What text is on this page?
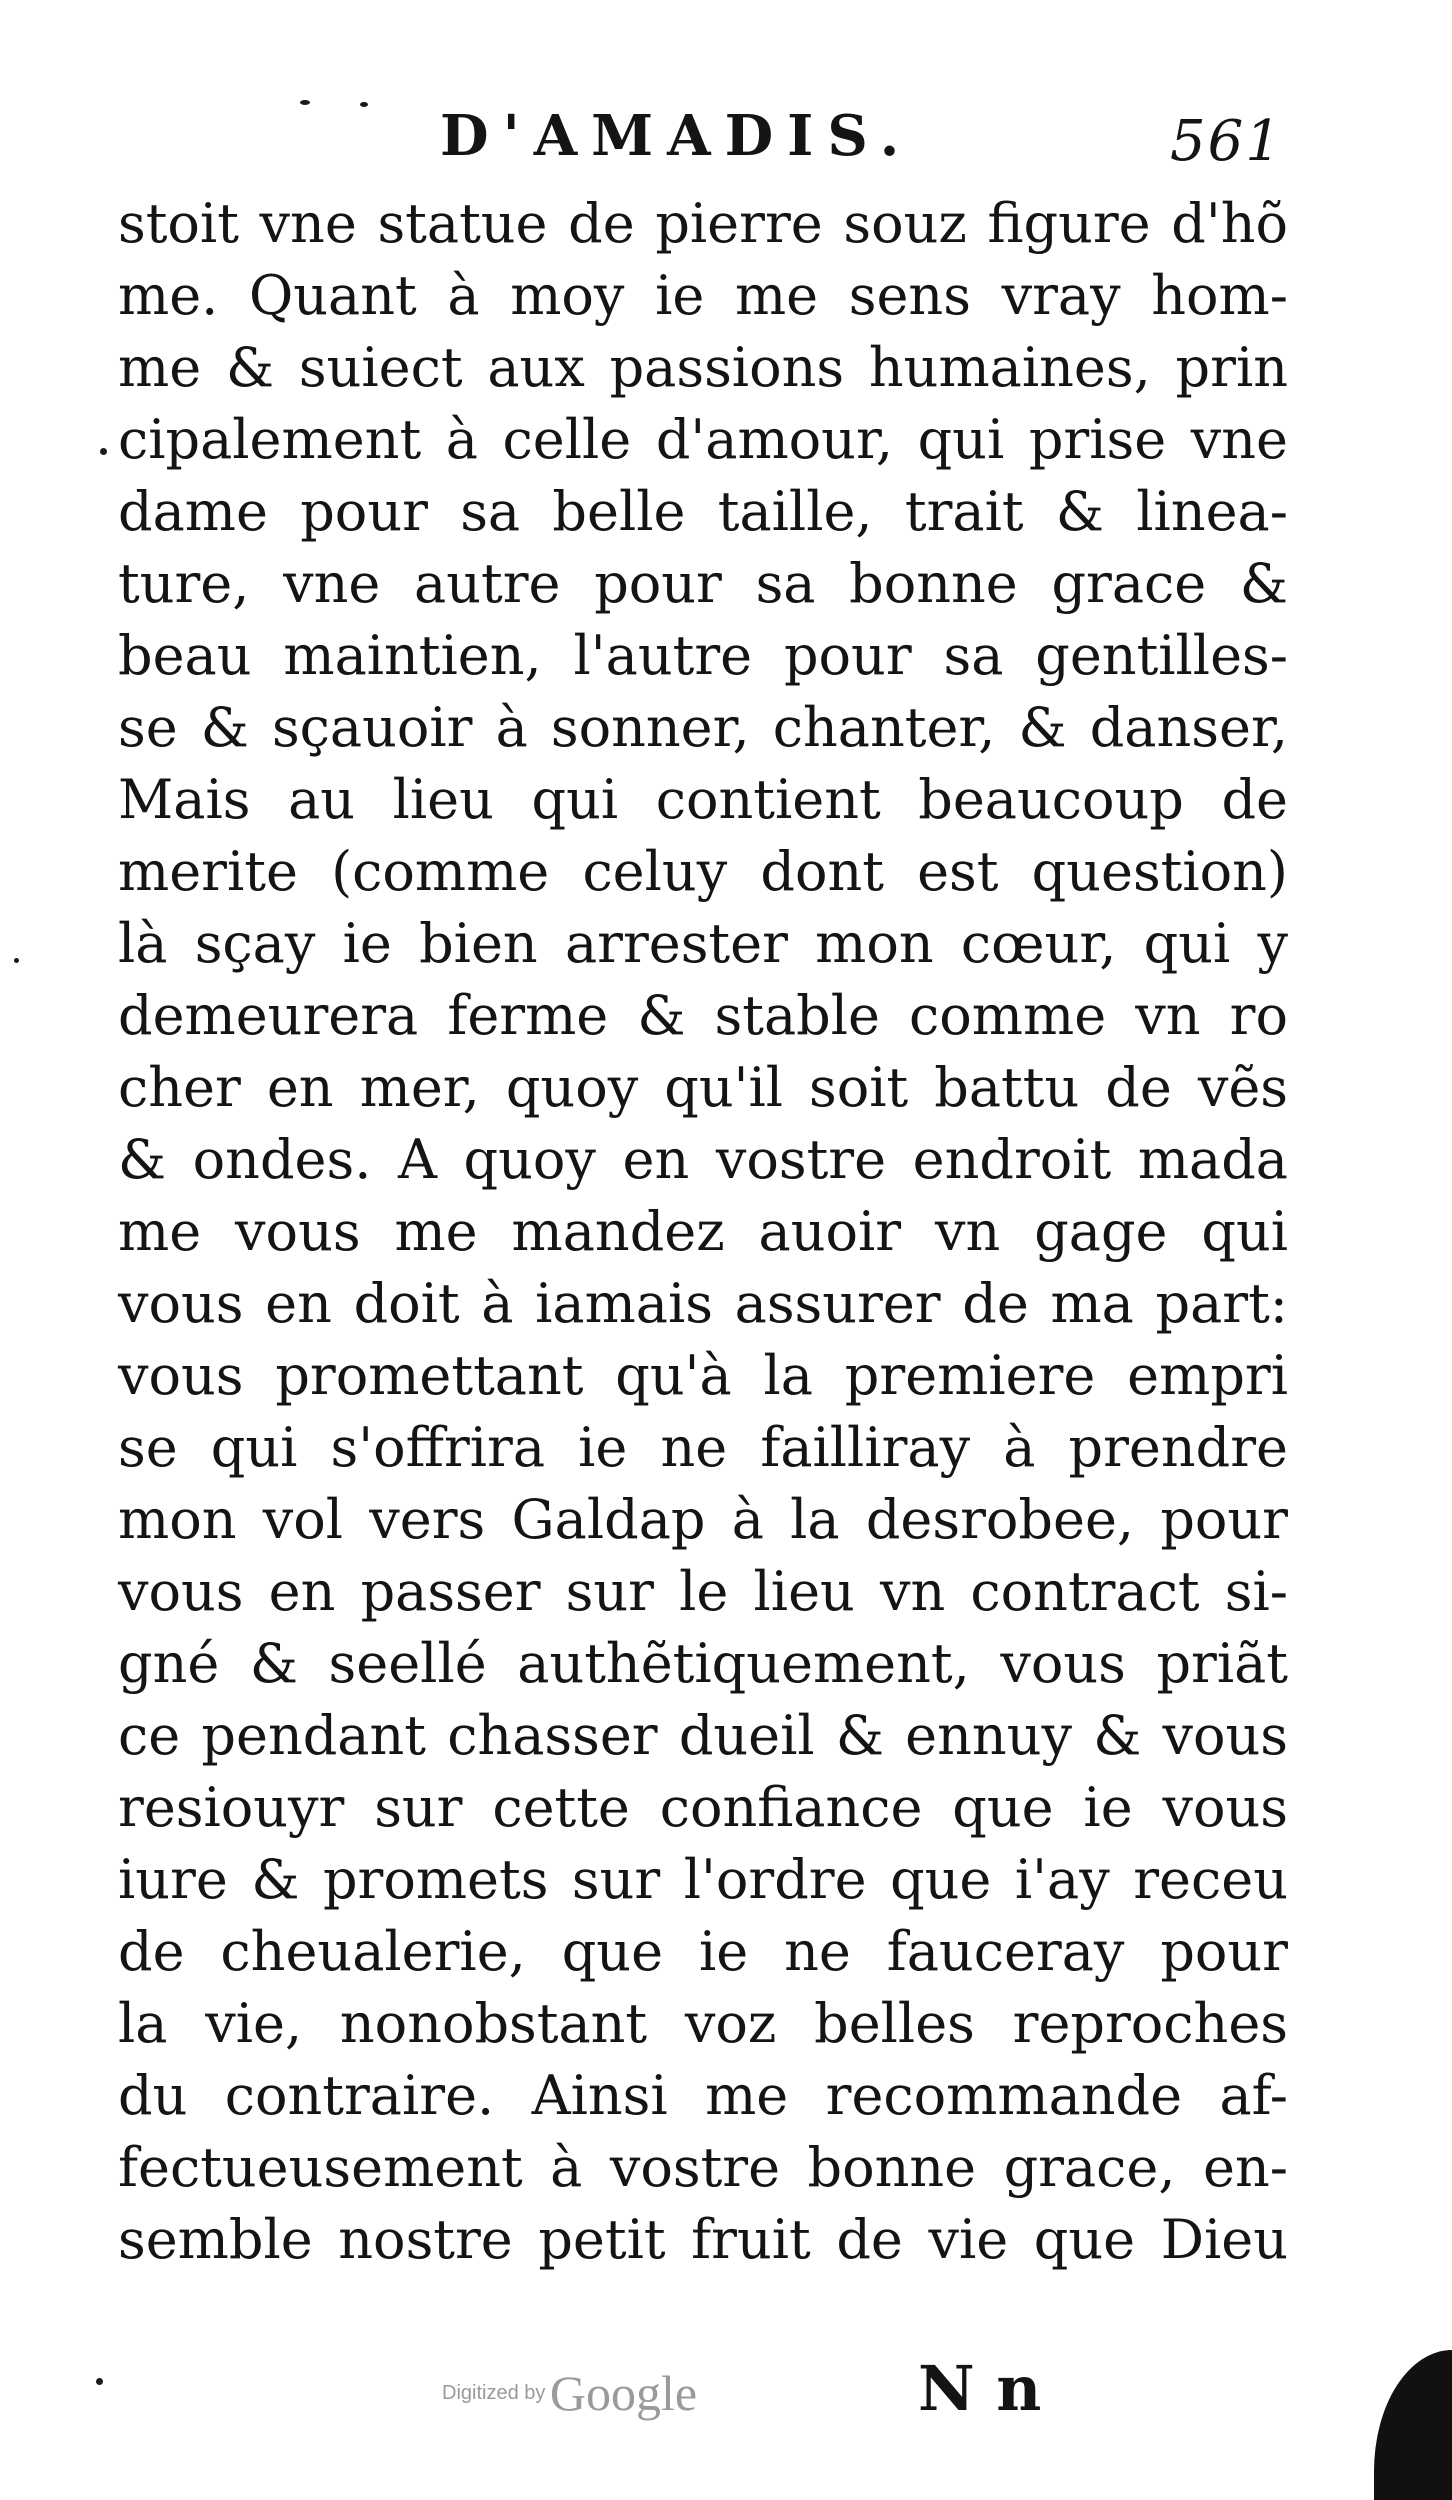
D'AMADIS.	561
stoit vne statue de pierre souz figure d'hõ
me. Quant à moy ie me sens vray hom-
me & suiect aux passions humaines, prin
cipalement à celle d'amour, qui prise vne
dame pour sa belle taille, trait & linea-
ture, vne autre pour sa bonne grace &
beau maintien, l'autre pour sa gentilles-
se & sçauoir à sonner, chanter, & danser,
Mais au lieu qui contient beaucoup de
merite (comme celuy dont est question)
là sçay ie bien arrester mon cœur, qui y
demeurera ferme & stable comme vn ro
cher en mer, quoy qu'il soit battu de vẽs
& ondes. A quoy en vostre endroit mada
me vous me mandez auoir vn gage qui
vous en doit à iamais assurer de ma part:
vous promettant qu'à la premiere empri
se qui s'offrira ie ne failliray à prendre
mon vol vers Galdap à la desrobee, pour
vous en passer sur le lieu vn contract si-
gné & seellé authẽtiquement, vous priãt
ce pendant chasser dueil & ennuy & vous
resiouyr sur cette confiance que ie vous
iure & promets sur l'ordre que i'ay receu
de cheualerie, que ie ne fauceray pour
la vie, nonobstant voz belles reproches
du contraire. Ainsi me recommande af-
fectueusement à vostre bonne grace, en-
semble nostre petit fruit de vie que Dieu
Digitized by Google	N n
